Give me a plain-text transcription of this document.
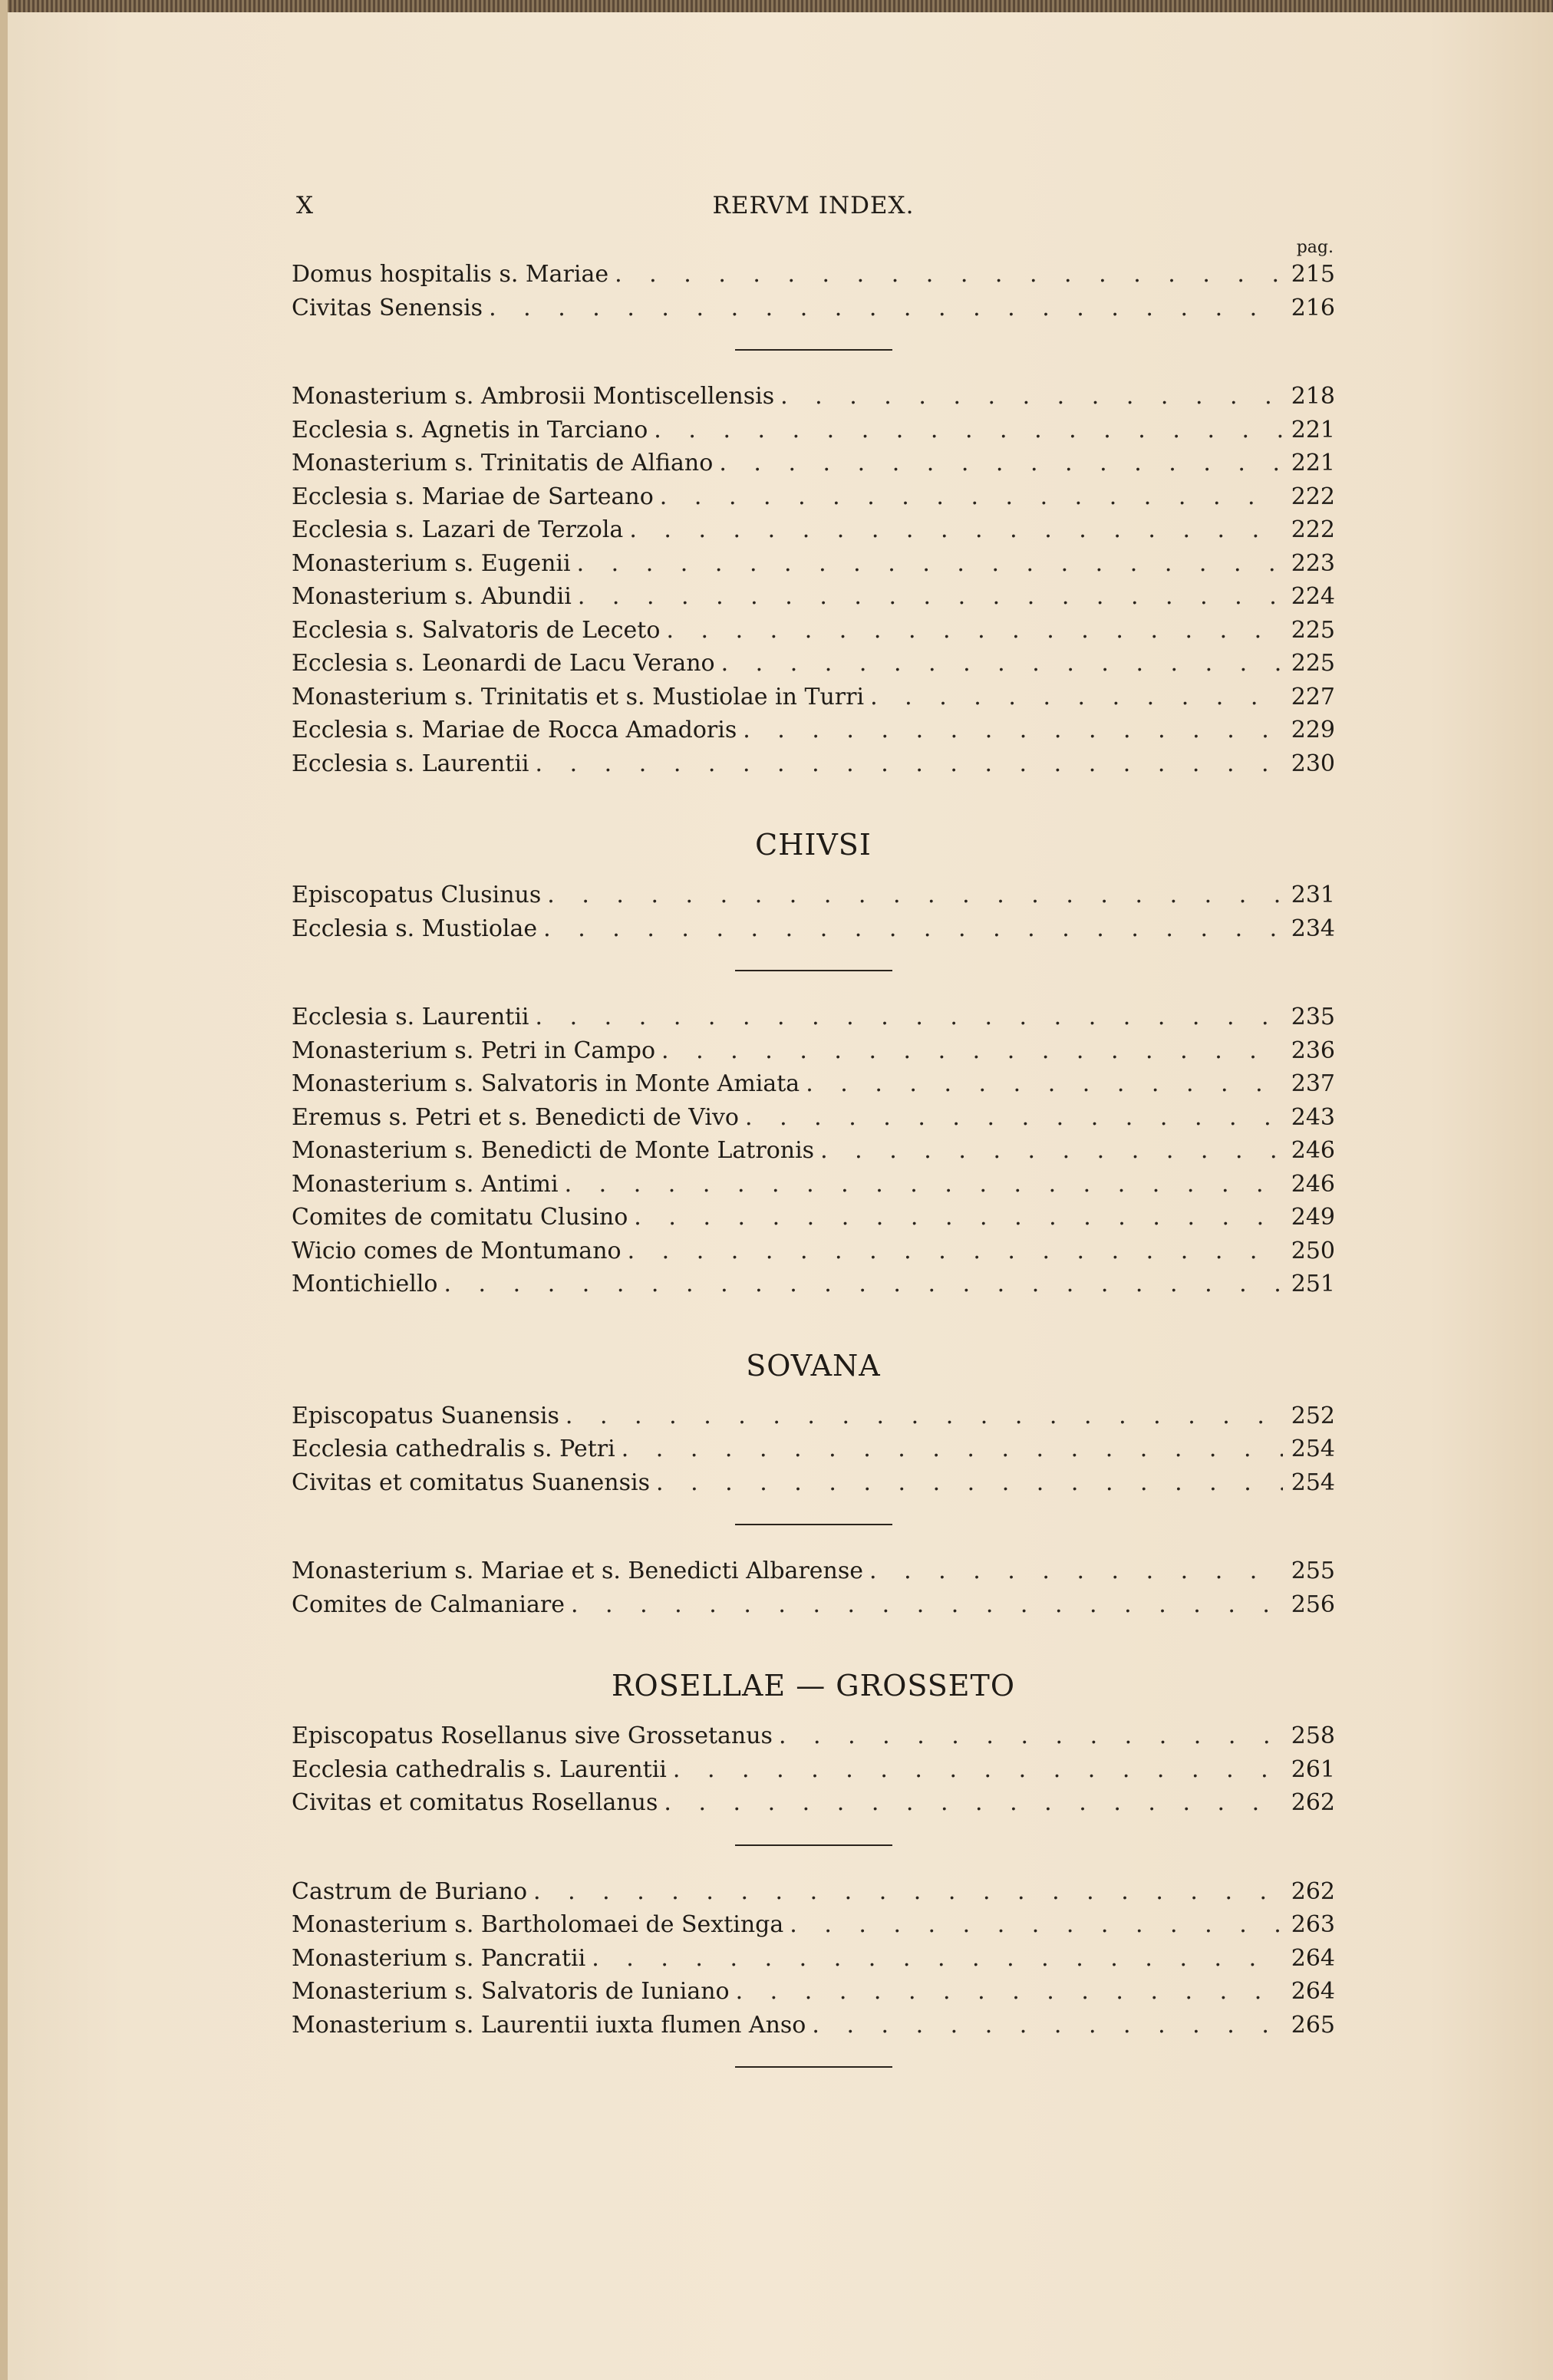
X	RERVM INDEX.
pag.
Domus hospitalis s. Mariae . . .	215
Civitas Senensis . . .	216
Monasterium s. Ambrosii Montiscellensis . . .	218
Ecclesia s. Agnetis in Tarciano . . .	221
Monasterium s. Trinitatis de Alfiano . . .	221
Ecclesia s. Mariae de Sarteano . . .	222
Ecclesia s. Lazari de Terzola . . .	222
Monasterium s. Eugenii . . .	223
Monasterium s. Abundii . . .	224
Ecclesia s. Salvatoris de Leceto . . .	225
Ecclesia s. Leonardi de Lacu Verano . . .	225
Monasterium s. Trinitatis et s. Mustiolae in Turri . . .	227
Ecclesia s. Mariae de Rocca Amadoris . . .	229
Ecclesia s. Laurentii . . .	230
CHIVSI
Episcopatus Clusinus . . .	231
Ecclesia s. Mustiolae . . .	234
Ecclesia s. Laurentii . . .	235
Monasterium s. Petri in Campo . . .	236
Monasterium s. Salvatoris in Monte Amiata . . .	237
Eremus s. Petri et s. Benedicti de Vivo . . .	243
Monasterium s. Benedicti de Monte Latronis . . .	246
Monasterium s. Antimi . . .	246
Comites de comitatu Clusino . . .	249
Wicio comes de Montumano . . .	250
Montichiello . . .	251
SOVANA
Episcopatus Suanensis . . .	252
Ecclesia cathedralis s. Petri . . .	254
Civitas et comitatus Suanensis . . .	254
Monasterium s. Mariae et s. Benedicti Albarense . . .	255
Comites de Calmaniare . . .	256
ROSELLAE — GROSSETO
Episcopatus Rosellanus sive Grossetanus . . .	258
Ecclesia cathedralis s. Laurentii . . .	261
Civitas et comitatus Rosellanus . . .	262
Castrum de Buriano . . .	262
Monasterium s. Bartholomaei de Sextinga . . .	263
Monasterium s. Pancratii . . .	264
Monasterium s. Salvatoris de Iuniano . . .	264
Monasterium s. Laurentii iuxta flumen Anso . . .	265
